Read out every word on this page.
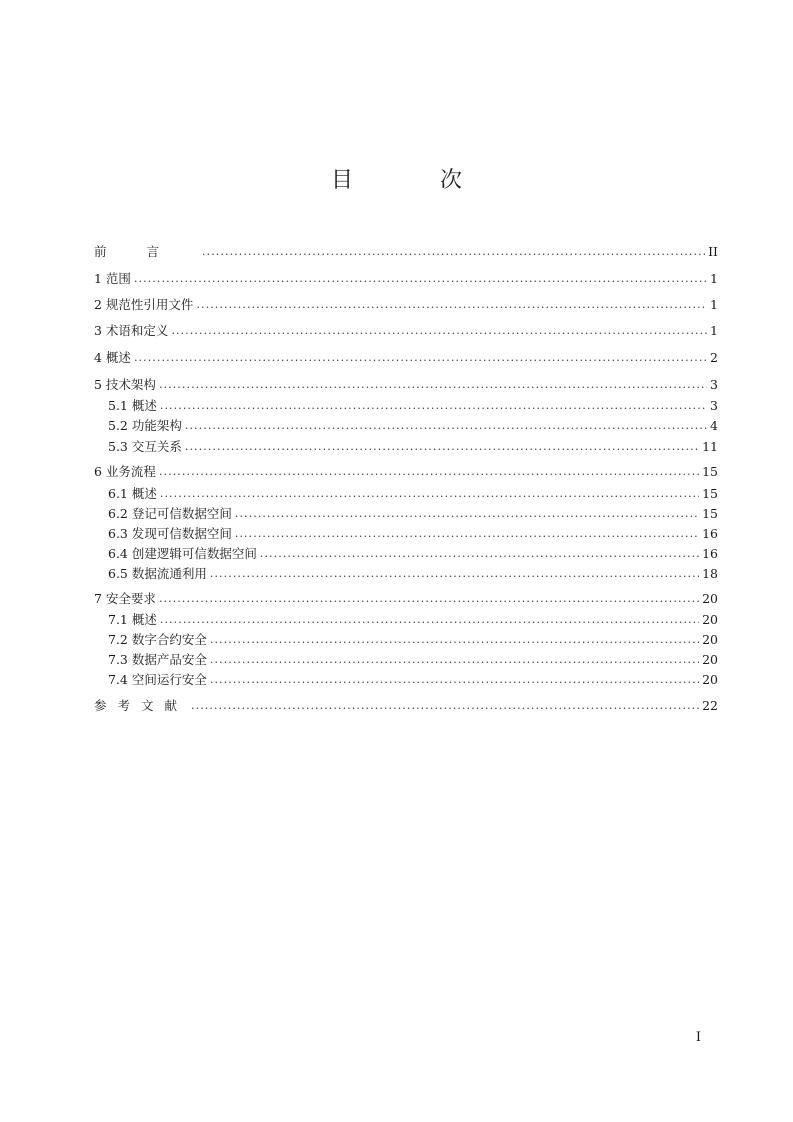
目 次
前言 . . .	II
1 范围 . . .	1
2 规范性引用文件 . . .	1
3 术语和定义 . . .	1
4 概述 . . .	2
5 技术架构 . . .	3
5.1 概述 . . .	3
5.2 功能架构 . . .	4
5.3 交互关系 . . .	11
6 业务流程 . . .	15
6.1 概述 . . .	15
6.2 登记可信数据空间 . . .	15
6.3 发现可信数据空间 . . .	16
6.4 创建逻辑可信数据空间 . . .	16
6.5 数据流通利用 . . .	18
7 安全要求 . . .	20
7.1 概述 . . .	20
7.2 数字合约安全 . . .	20
7.3 数据产品安全 . . .	20
7.4 空间运行安全 . . .	20
参考文献 . . .	22
I
